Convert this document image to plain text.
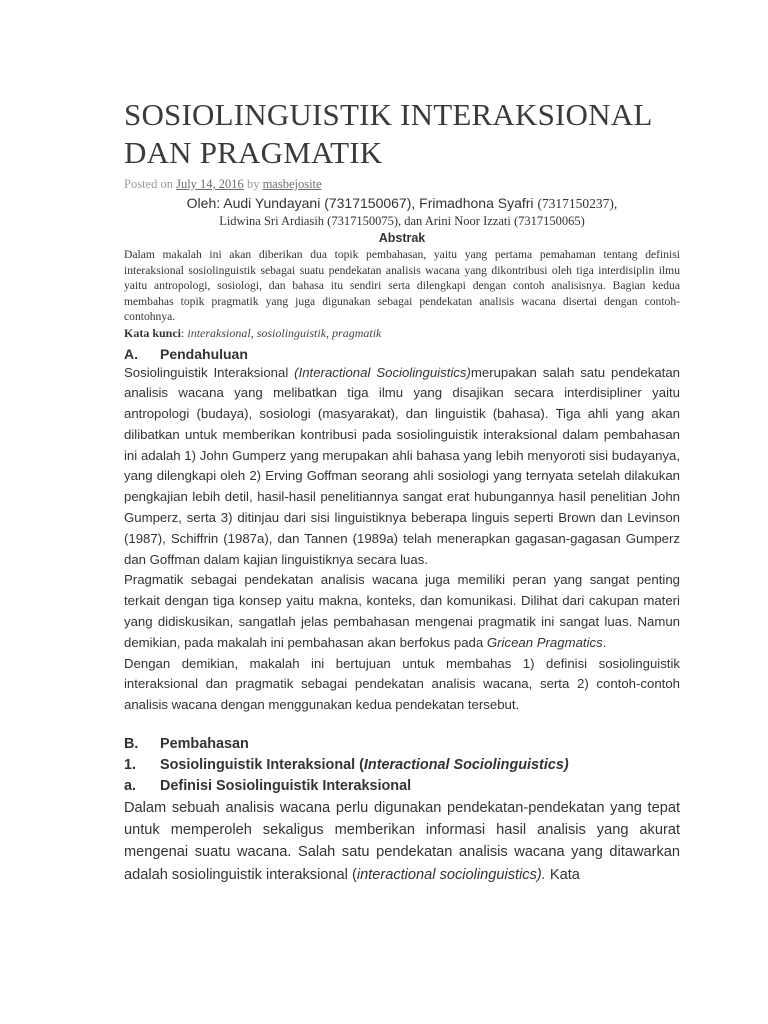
SOSIOLINGUISTIK INTERAKSIONAL
DAN PRAGMATIK
Posted on July 14, 2016 by masbejosite
Oleh: Audi Yundayani (7317150067), Frimadhona Syafri (7317150237),
Lidwina Sri Ardiasih (7317150075), dan Arini Noor Izzati (7317150065)
Abstrak
Dalam makalah ini akan diberikan dua topik pembahasan, yaitu yang pertama pemahaman tentang definisi interaksional sosiolinguistik sebagai suatu pendekatan analisis wacana yang dikontribusi oleh tiga interdisiplin ilmu yaitu antropologi, sosiologi, dan bahasa itu sendiri serta dilengkapi dengan contoh analisisnya. Bagian kedua membahas topik pragmatik yang juga digunakan sebagai pendekatan analisis wacana disertai dengan contoh-contohnya.
Kata kunci: interaksional, sosiolinguistik, pragmatik
A. Pendahuluan

Sosiolinguistik Interaksional (Interactional Sociolinguistics)merupakan salah satu pendekatan analisis wacana yang melibatkan tiga ilmu yang disajikan secara interdisipliner yaitu antropologi (budaya), sosiologi (masyarakat), dan linguistik (bahasa). Tiga ahli yang akan dilibatkan untuk memberikan kontribusi pada sosiolinguistik interaksional dalam pembahasan ini adalah 1) John Gumperz yang merupakan ahli bahasa yang lebih menyoroti sisi budayanya, yang dilengkapi oleh 2) Erving Goffman seorang ahli sosiologi yang ternyata setelah dilakukan pengkajian lebih detil, hasil-hasil penelitiannya sangat erat hubungannya hasil penelitian John Gumperz, serta 3) ditinjau dari sisi linguistiknya beberapa linguis seperti Brown dan Levinson (1987), Schiffrin (1987a), dan Tannen (1989a) telah menerapkan gagasan-gagasan Gumperz dan Goffman dalam kajian linguistiknya secara luas.

Pragmatik sebagai pendekatan analisis wacana juga memiliki peran yang sangat penting terkait dengan tiga konsep yaitu makna, konteks, dan komunikasi. Dilihat dari cakupan materi yang didiskusikan, sangatlah jelas pembahasan mengenai pragmatik ini sangat luas. Namun demikian, pada makalah ini pembahasan akan berfokus pada Gricean Pragmatics.

Dengan demikian, makalah ini bertujuan untuk membahas 1) definisi sosiolinguistik interaksional dan pragmatik sebagai pendekatan analisis wacana, serta 2) contoh-contoh analisis wacana dengan menggunakan kedua pendekatan tersebut.

B. Pembahasan
1. Sosiolinguistik Interaksional (Interactional Sociolinguistics)
a. Definisi Sosiolinguistik Interaksional

Dalam sebuah analisis wacana perlu digunakan pendekatan-pendekatan yang tepat untuk memperoleh sekaligus memberikan informasi hasil analisis yang akurat mengenai suatu wacana. Salah satu pendekatan analisis wacana yang ditawarkan adalah sosiolinguistik interaksional (interactional sociolinguistics). Kata
